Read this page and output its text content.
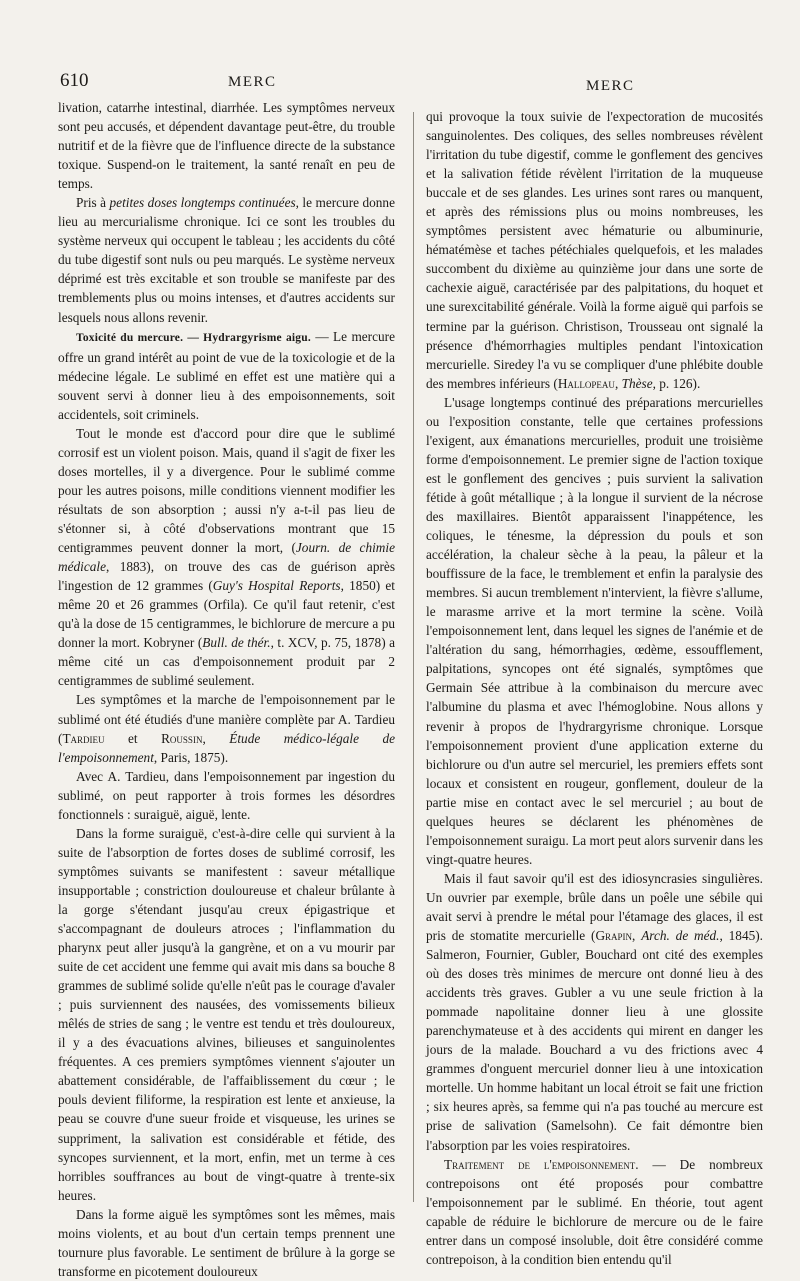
610	MERC	MERC

livation, catarrhe intestinal, diarrhée. Les symptômes nerveux sont peu accusés, et dépendent davantage peut-être, du trouble nutritif et de la fièvre que de l'influence directe de la substance toxique. Suspend-on le traitement, la santé renaît en peu de temps.

Pris à petites doses longtemps continuées, le mercure donne lieu au mercurialisme chronique. Ici ce sont les troubles du système nerveux qui occupent le tableau ; les accidents du côté du tube digestif sont nuls ou peu marqués. Le système nerveux déprimé est très excitable et son trouble se manifeste par des tremblements plus ou moins intenses, et d'autres accidents sur lesquels nous allons revenir.

Toxicité du mercure. — Hydrargyrisme aigu. — Le mercure offre un grand intérêt au point de vue de la toxicologie et de la médecine légale. Le sublimé en effet est une matière qui a souvent servi à donner lieu à des empoisonnements, soit accidentels, soit criminels.

Tout le monde est d'accord pour dire que le sublimé corrosif est un violent poison. Mais, quand il s'agit de fixer les doses mortelles, il y a divergence. Pour le sublimé comme pour les autres poisons, mille conditions viennent modifier les résultats de son absorption ; aussi n'y a-t-il pas lieu de s'étonner si, à côté d'observations montrant que 15 centigrammes peuvent donner la mort, (Journ. de chimie médicale, 1883), on trouve des cas de guérison après l'ingestion de 12 grammes (Guy's Hospital Reports, 1850) et même 20 et 26 grammes (Orfila). Ce qu'il faut retenir, c'est qu'à la dose de 15 centigrammes, le bichlorure de mercure a pu donner la mort. Kobryner (Bull. de thér., t. XCV, p. 75, 1878) a même cité un cas d'empoisonnement produit par 2 centigrammes de sublimé seulement.

Les symptômes et la marche de l'empoisonnement par le sublimé ont été étudiés d'une manière complète par A. Tardieu (Tardieu et Roussin, Étude médico-légale de l'empoisonnement, Paris, 1875).

Avec A. Tardieu, dans l'empoisonnement par ingestion du sublimé, on peut rapporter à trois formes les désordres fonctionnels : suraiguë, aiguë, lente.

Dans la forme suraiguë, c'est-à-dire celle qui survient à la suite de l'absorption de fortes doses de sublimé corrosif, les symptômes suivants se manifestent : saveur métallique insupportable ; constriction douloureuse et chaleur brûlante à la gorge s'étendant jusqu'au creux épigastrique et s'accompagnant de douleurs atroces ; l'inflammation du pharynx peut aller jusqu'à la gangrène, et on a vu mourir par suite de cet accident une femme qui avait mis dans sa bouche 8 grammes de sublimé solide qu'elle n'eût pas le courage d'avaler ; puis surviennent des nausées, des vomissements bilieux mêlés de stries de sang ; le ventre est tendu et très douloureux, il y a des évacuations alvines, bilieuses et sanguinolentes fréquentes. A ces premiers symptômes viennent s'ajouter un abattement considérable, de l'affaiblissement du cœur ; le pouls devient filiforme, la respiration est lente et anxieuse, la peau se couvre d'une sueur froide et visqueuse, les urines se suppriment, la salivation est considérable et fétide, des syncopes surviennent, et la mort, enfin, met un terme à ces horribles souffrances au bout de vingt-quatre à trente-six heures.

Dans la forme aiguë les symptômes sont les mêmes, mais moins violents, et au bout d'un certain temps prennent une tournure plus favorable. Le sentiment de brûlure à la gorge se transforme en picotement douloureux

qui provoque la toux suivie de l'expectoration de mucosités sanguinolentes. Des coliques, des selles nombreuses révèlent l'irritation du tube digestif, comme le gonflement des gencives et la salivation fétide révèlent l'irritation de la muqueuse buccale et de ses glandes. Les urines sont rares ou manquent, et après des rémissions plus ou moins nombreuses, les symptômes persistent avec hématurie ou albuminurie, hématémèse et taches pétéchiales quelquefois, et les malades succombent du dixième au quinzième jour dans une sorte de cachexie aiguë, caractérisée par des palpitations, du hoquet et une surexcitabilité générale. Voilà la forme aiguë qui parfois se termine par la guérison. Christison, Trousseau ont signalé la présence d'hémorrhagies multiples pendant l'intoxication mercurielle. Siredey l'a vu se compliquer d'une phlébite double des membres inférieurs (Hallopeau, Thèse, p. 126).

L'usage longtemps continué des préparations mercurielles ou l'exposition constante, telle que certaines professions l'exigent, aux émanations mercurielles, produit une troisième forme d'empoisonnement. Le premier signe de l'action toxique est le gonflement des gencives ; puis survient la salivation fétide à goût métallique ; à la longue il survient de la nécrose des maxillaires. Bientôt apparaissent l'inappétence, les coliques, le ténesme, la dépression du pouls et son accélération, la chaleur sèche à la peau, la pâleur et la bouffissure de la face, le tremblement et enfin la paralysie des membres. Si aucun tremblement n'intervient, la fièvre s'allume, le marasme arrive et la mort termine la scène. Voilà l'empoisonnement lent, dans lequel les signes de l'anémie et de l'altération du sang, hémorrhagies, œdème, essoufflement, palpitations, syncopes ont été signalés, symptômes que Germain Sée attribue à la combinaison du mercure avec l'albumine du plasma et avec l'hémoglobine. Nous allons y revenir à propos de l'hydrargyrisme chronique. Lorsque l'empoisonnement provient d'une application externe du bichlorure ou d'un autre sel mercuriel, les premiers effets sont locaux et consistent en rougeur, gonflement, douleur de la partie mise en contact avec le sel mercuriel ; au bout de quelques heures se déclarent les phénomènes de l'empoisonnement suraigu. La mort peut alors survenir dans les vingt-quatre heures.

Mais il faut savoir qu'il est des idiosyncrasies singulières. Un ouvrier par exemple, brûle dans un poêle une sébile qui avait servi à prendre le métal pour l'étamage des glaces, il est pris de stomatite mercurielle (Grapin, Arch. de méd., 1845). Salmeron, Fournier, Gubler, Bouchard ont cité des exemples où des doses très minimes de mercure ont donné lieu à des accidents très graves. Gubler a vu une seule friction à la pommade napolitaine donner lieu à une glossite parenchymateuse et à des accidents qui mirent en danger les jours de la malade. Bouchard a vu des frictions avec 4 grammes d'onguent mercuriel donner lieu à une intoxication mortelle. Un homme habitant un local étroit se fait une friction ; six heures après, sa femme qui n'a pas touché au mercure est prise de salivation (Samelsohn). Ce fait démontre bien l'absorption par les voies respiratoires.

Traitement de l'empoisonnement. — De nombreux contrepoisons ont été proposés pour combattre l'empoisonnement par le sublimé. En théorie, tout agent capable de réduire le bichlorure de mercure ou de le faire entrer dans un composé insoluble, doit être considéré comme contrepoison, à la condition bien entendu qu'il
